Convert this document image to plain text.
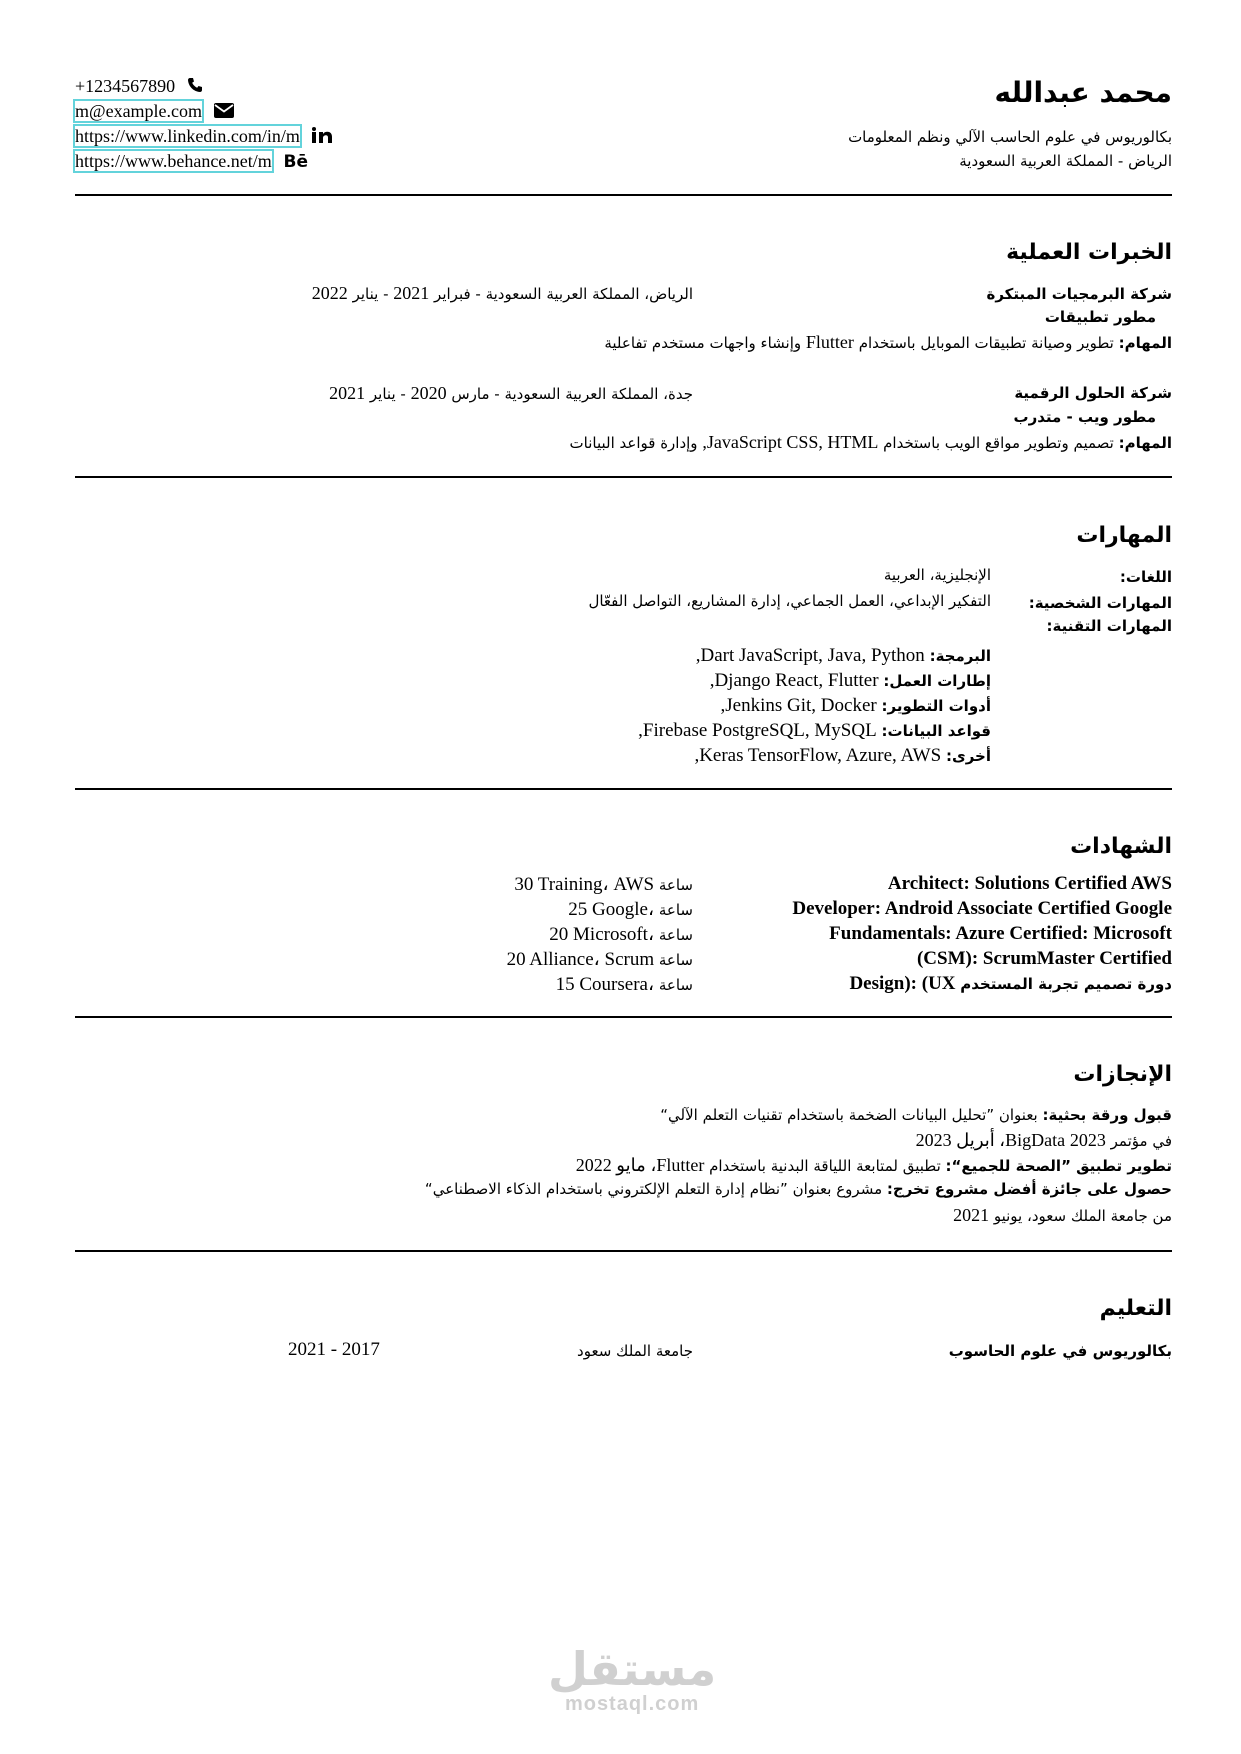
محمد عبدالله
بكالوريوس في علوم الحاسب الآلي ونظم المعلومات
الرياض - المملكة العربية السعودية
+1234567890
m@example.com
https://www.linkedin.com/in/m
https://www.behance.net/m Bē
الخبرات العملية
شركة البرمجيات المبتكرة
مطور تطبيقات
الرياض، المملكة العربية السعودية - فبراير 2021 - يناير 2022
المهام: تطوير وصيانة تطبيقات الموبايل باستخدام Flutter وإنشاء واجهات مستخدم تفاعلية
شركة الحلول الرقمية
مطور ويب - متدرب
جدة، المملكة العربية السعودية - مارس 2020 - يناير 2021
المهام: تصميم وتطوير مواقع الويب باستخدام JavaScript CSS, HTML, وإدارة قواعد البيانات
المهارات
اللغات:
الإنجليزية، العربية
المهارات الشخصية:
التفكير الإبداعي، العمل الجماعي، إدارة المشاريع، التواصل الفعّال
المهارات التقنية:
البرمجة: Dart JavaScript, Java, Python,
إطارات العمل: Django React, Flutter,
أدوات التطوير: Jenkins Git, Docker,
قواعد البيانات: Firebase PostgreSQL, MySQL,
أخرى: Keras TensorFlow, Azure, AWS,
الشهادات
Architect: Solutions Certified AWS
30 Training، AWS ساعة
Developer: Android Associate Certified Google
25 Google، ساعة
Fundamentals: Azure Certified: Microsoft
20 Microsoft، ساعة
(CSM): ScrumMaster Certified
20 Alliance، Scrum ساعة
دورة تصميم تجربة المستخدم Design): (UX
15 Coursera، ساعة
الإنجازات
قبول ورقة بحثية: بعنوان ”تحليل البيانات الضخمة باستخدام تقنيات التعلم الآلي“
في مؤتمر BigData 2023، أبريل 2023
تطوير تطبيق ”الصحة للجميع“: تطبيق لمتابعة اللياقة البدنية باستخدام Flutter، مايو 2022
حصول على جائزة أفضل مشروع تخرج: مشروع بعنوان ”نظام إدارة التعلم الإلكتروني باستخدام الذكاء الاصطناعي“
من جامعة الملك سعود، يونيو 2021
التعليم
بكالوريوس في علوم الحاسوب
جامعة الملك سعود
2021 - 2017
مستقل
mostaql.com
